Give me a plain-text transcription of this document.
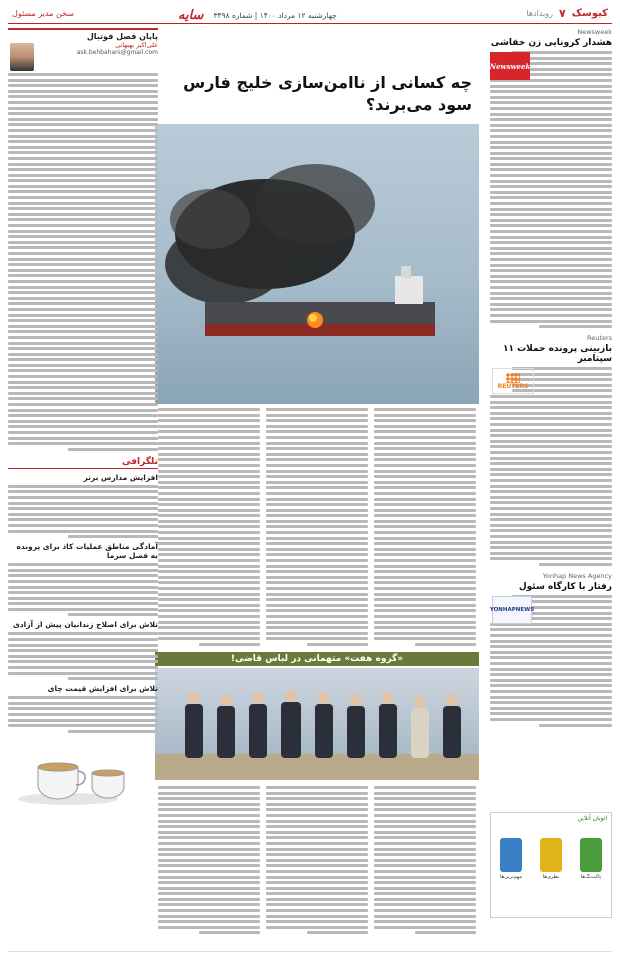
کیوسک
۷
رویداد‌ها
چهارشنبه ۱۲ مرداد ۱۴۰۰ | شماره ۳۴۹۸
سایه
سخن مدیر مسئول
Newsweek
هشدار کرونایی زن خفاشی
Newsweek
Reuters
بازبینی پرونده حملات ۱۱ سپتامبر
REUTERS
Yonhap News Agency
رفتار با کارگاه سئول
YONHAPNEWS
اتوبان آنلاین
پاکت‌نگ‌ها
بطری‌ها
مهم‌ترین‌ها
چه کسانی از ناامن‌سازی خلیج فارس سود می‌برند؟
«گروه هفت» متهمانی در لباس قاضی!
پایان فصل فوتبال
علی‌اکبر بهبهانی
ask.behbahani@gmail.com
تلگرافی
افزایش مدارس برتر
آمادگی مناطق عملیات کاذ برای پرونده به فصل سرما
تلاش برای اصلاح زندانیان پیش از آزادی
تلاش برای افزایش قیمت چای
